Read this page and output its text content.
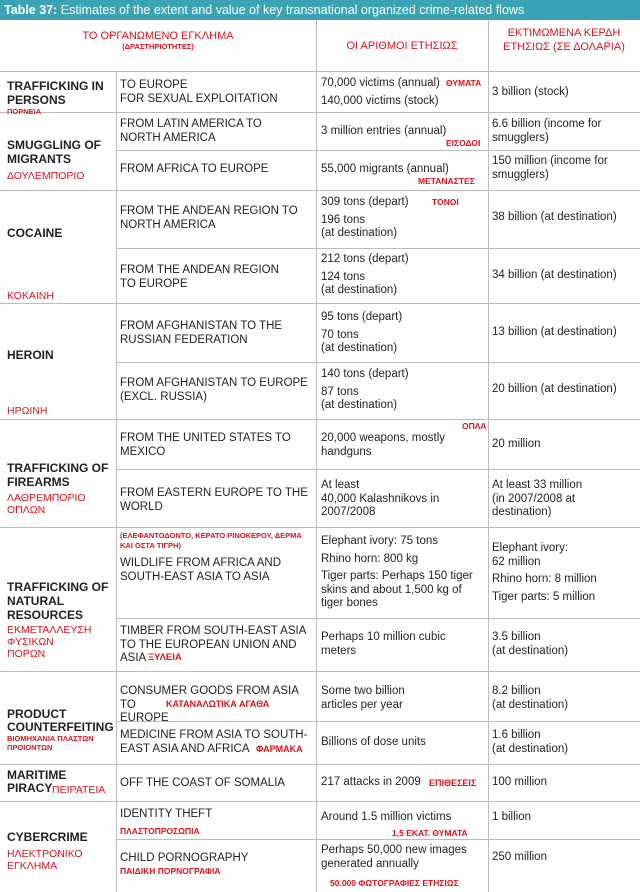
Table 37: Estimates of the extent and value of key transnational organized crime-related flows
ΤΟ ΟΡΓΑΝΩΜΕΝΟ ΕΓΚΛΗΜΑ
(ΔΡΑΣΤΗΡΙΟΤΗΤΕΣ)	ΟΙ ΑΡΙΘΜΟΙ ΕΤΗΣΙΩΣ
ΕΚΤΙΜΩΜΕΝΑ ΚΕΡΔΗ ΕΤΗΣΙΩΣ (ΣΕ ΔΟΛΑΡΙΑ)
TRAFFICKING IN PERSONS
ΠΟΡΝΕΙΑ
SMUGGLING OF MIGRANTS
ΔΟΥΛΕΜΠΟΡΙΟ
COCAINE
ΚΟΚΑΙΝΗ
HEROIN
ΗΡΩΙΝΗ
TRAFFICKING OF FIREARMS
ΛΑΘΡΕΜΠΟΡΙΟ ΟΠΛΩΝ
TRAFFICKING OF NATURAL RESOURCES
ΕΚΜΕΤΑΛΛΕΥΣΗ ΦΥΣΙΚΩΝ ΠΟΡΩΝ
PRODUCT COUNTERFEITING
ΒΙΟΜΗΧΑΝΙΑ ΠΛΑΣΤΩΝ ΠΡΟΙΟΝΤΩΝ
MARITIME PIRACY ΠΕΙΡΑΤΕΙΑ
CYBERCRIME
ΗΛΕΚΤΡΟΝΙΚΟ ΕΓΚΛΗΜΑ
TO EUROPE
FOR SEXUAL EXPLOITATION
FROM LATIN AMERICA TO
NORTH AMERICA
FROM AFRICA TO EUROPE
FROM THE ANDEAN REGION TO
NORTH AMERICA
FROM THE ANDEAN REGION
TO EUROPE
FROM AFGHANISTAN TO THE
RUSSIAN FEDERATION
FROM AFGHANISTAN TO EUROPE
(EXCL. RUSSIA)
FROM THE UNITED STATES TO
MEXICO
FROM EASTERN EUROPE TO THE
WORLD
WILDLIFE FROM AFRICA AND
SOUTH-EAST ASIA TO ASIA
TIMBER FROM SOUTH-EAST ASIA
TO THE EUROPEAN UNION AND
ASIA
CONSUMER GOODS FROM ASIA TO
EUROPE
MEDICINE FROM ASIA TO SOUTH-
EAST ASIA AND AFRICA
OFF THE COAST OF SOMALIA
IDENTITY THEFT
CHILD PORNOGRAPHY
70,000 victims (annual)
140,000 victims (stock)
3 million entries (annual)
55,000 migrants (annual)
309 tons (depart)
196 tons
(at destination)
212 tons (depart)
124 tons
(at destination)
95 tons (depart)
70 tons
(at destination)
140 tons (depart)
87 tons
(at destination)
20,000 weapons, mostly
handguns
At least
40,000 Kalashnikovs in
2007/2008
Elephant ivory: 75 tons
Rhino horn: 800 kg
Tiger parts: Perhaps 150 tiger
skins and about 1,500 kg of
tiger bones
Perhaps 10 million cubic
meters
Some two billion
articles per year
Billions of dose units
217 attacks in 2009
Around 1.5 million victims
Perhaps 50,000 new images
generated annually
3 billion (stock)
6.6 billion (income for
smugglers)
150 million (income for
smugglers)
38 billion (at destination)
34 billion (at destination)
13 billion (at destination)
20 billion (at destination)
20 million
At least 33 million
(in 2007/2008 at
destination)
Elephant ivory:
62 million
Rhino horn: 8 million
Tiger parts: 5 million
3.5 billion
(at destination)
8.2 billion
(at destination)
1.6 billion
(at destination)
100 million
1 billion
250 million
ΘΥΜΑΤΑ
ΕΙΣΟΔΟΙ
ΜΕΤΑΝΑΣΤΕΣ
ΤΟΝΟΙ
ΟΠΛΑ
(ΕΛΕΦΑΝΤΟΔΟΝΤΟ, ΚΕΡΑΤΟ ΡΙΝΟΚΕΡΟΥ, ΔΕΡΜΑ
ΚΑΙ ΟΣΤΑ ΤΙΓΡΗ)
ΞΥΛΕΙΑ
ΚΑΤΑΝΑΛΩΤΙΚΑ ΑΓΑΘΑ
ΦΑΡΜΑΚΑ
ΕΠΙΘΕΣΕΙΣ
ΠΛΑΣΤΟΠΡΟΣΩΠΙΑ	1,5 ΕΚΑΤ. ΘΥΜΑΤΑ
ΠΑΙΔΙΚΗ ΠΟΡΝΟΓΡΑΦΙΑ
50.000 ΦΩΤΟΓΡΑΦΙΕΣ ΕΤΗΣΙΩΣ
